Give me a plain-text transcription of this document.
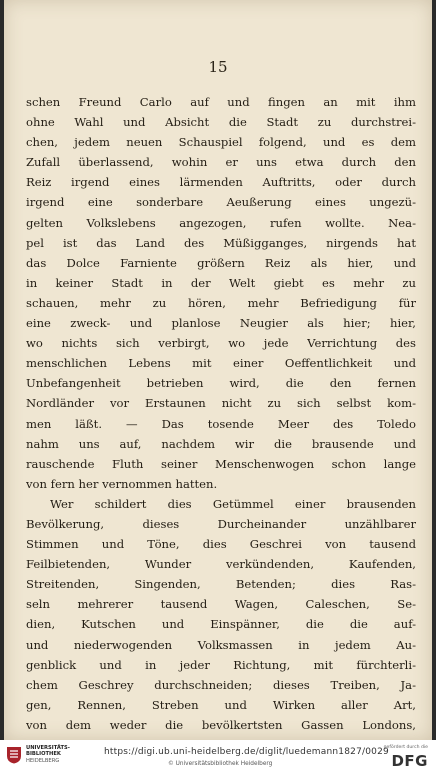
15
schen Freund Carlo auf und fingen an mit ihm
ohne Wahl und Absicht die Stadt zu durchstrei-
chen, jedem neuen Schauspiel folgend, und es dem
Zufall überlassend, wohin er uns etwa durch den
Reiz irgend eines lärmenden Auftritts, oder durch
irgend eine sonderbare Aeußerung eines ungezü-
gelten Volkslebens angezogen, rufen wollte. Nea-
pel ist das Land des Müßigganges, nirgends hat
das Dolce Farniente größern Reiz als hier, und
in keiner Stadt in der Welt giebt es mehr zu
schauen, mehr zu hören, mehr Befriedigung für
eine zweck- und planlose Neugier als hier; hier,
wo nichts sich verbirgt, wo jede Verrichtung des
menschlichen Lebens mit einer Oeffentlichkeit und
Unbefangenheit betrieben wird, die den fernen
Nordländer vor Erstaunen nicht zu sich selbst kom-
men läßt. — Das tosende Meer des Toledo
nahm uns auf, nachdem wir die brausende und
rauschende Fluth seiner Menschenwogen schon lange
von fern her vernommen hatten.
Wer schildert dies Getümmel einer brausenden
Bevölkerung, dieses Durcheinander unzählbarer
Stimmen und Töne, dies Geschrei von tausend
Feilbietenden, Wunder verkündenden, Kaufenden,
Streitenden, Singenden, Betenden; dies Ras-
seln mehrerer tausend Wagen, Caleschen, Se-
dien, Kutschen und Einspänner, die die auf-
und niederwogenden Volksmassen in jedem Au-
genblick und in jeder Richtung, mit fürchterli-
chem Geschrey durchschneiden; dieses Treiben, Ja-
gen, Rennen, Streben und Wirken aller Art,
von dem weder die bevölkertsten Gassen Londons,
UNIVERSITÄTS-
BIBLIOTHEK
HEIDELBERG
https://digi.ub.uni-heidelberg.de/diglit/luedemann1827/0029
© Universitätsbibliothek Heidelberg
gefördert durch die
DFG
